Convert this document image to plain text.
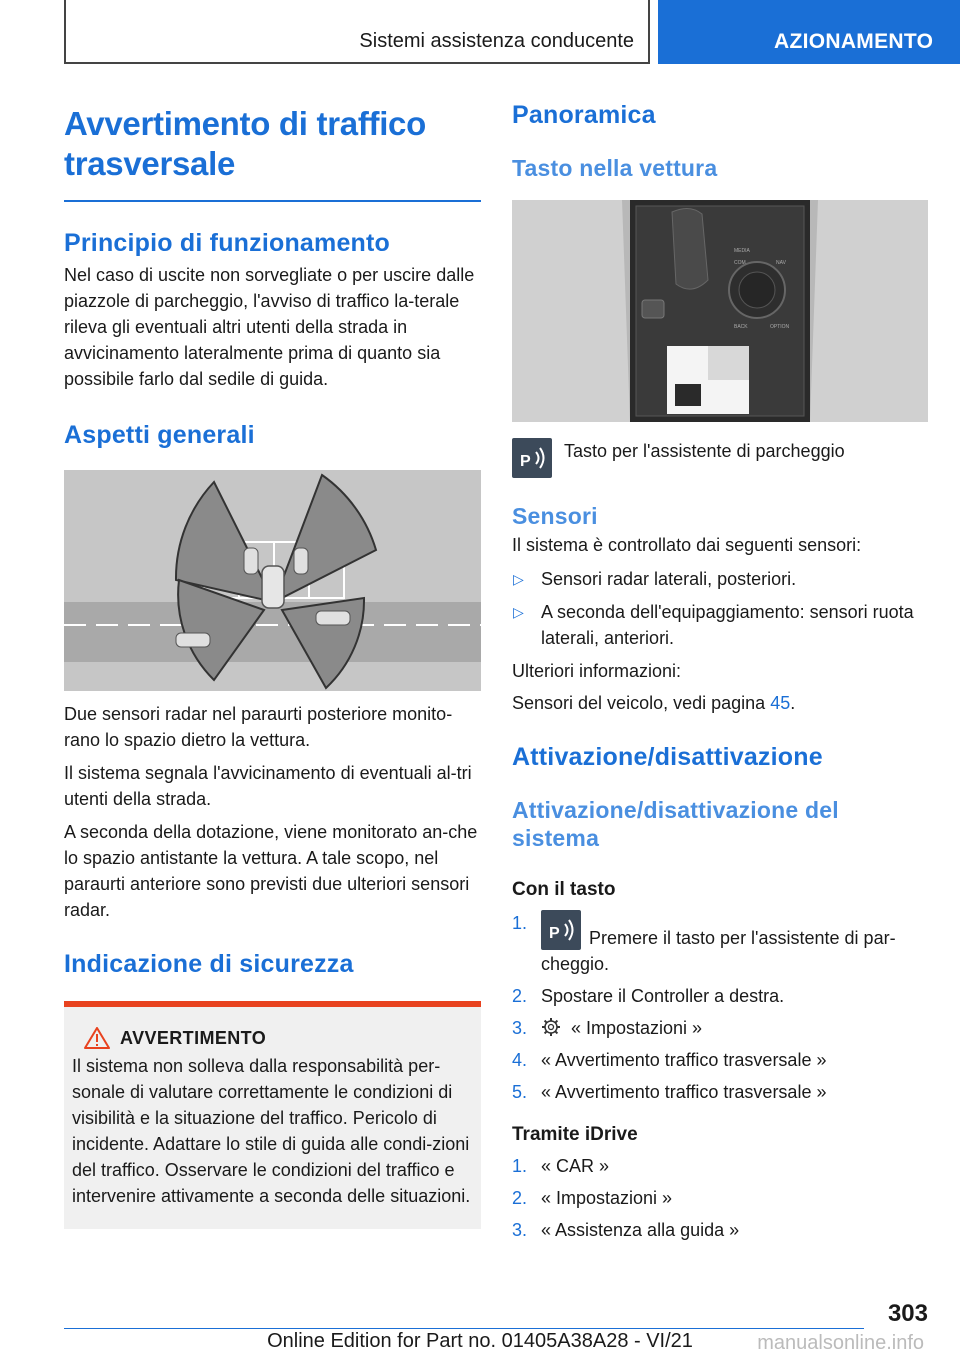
Sistemi assistenza conducente	AZIONAMENTO
Avvertimento di traffico trasversale
Principio di funzionamento

Nel caso di uscite non sorvegliate o per uscire dalle piazzole di parcheggio, l'avviso di traffico la-terale rileva gli eventuali altri utenti della strada in avvicinamento lateralmente prima di quanto sia possibile farlo dal sedile di guida.

Aspetti generali

Due sensori radar nel paraurti posteriore monito-rano lo spazio dietro la vettura.

Il sistema segnala l'avvicinamento di eventuali al-tri utenti della strada.

A seconda della dotazione, viene monitorato an-che lo spazio antistante la vettura. A tale scopo, nel paraurti anteriore sono previsti due ulteriori sensori radar.

Indicazione di sicurezza
AVVERTIMENTO

Il sistema non solleva dalla responsabilità per-sonale di valutare correttamente le condizioni di visibilità e la situazione del traffico. Pericolo di incidente. Adattare lo stile di guida alle condi-zioni del traffico. Osservare le condizioni del traffico e intervenire attivamente a seconda delle situazioni.

Panoramica
Tasto nella vettura
MEDIA
COM	NAV
BACK	OPTION
P

Tasto per l'assistente di parcheggio

Sensori

Il sistema è controllato dai seguenti sensori:

▷ Sensori radar laterali, posteriori.
▷ A seconda dell'equipaggiamento: sensori ruota laterali, anteriori.

Ulteriori informazioni:

Sensori del veicolo, vedi pagina 45.

Attivazione/disattivazione
Attivazione/disattivazione del sistema
Con il tasto
1.
P Premere il tasto per l'assistente di par-cheggio.
2. Spostare il Controller a destra.
3.	« Impostazioni »
4. « Avvertimento traffico trasversale »
5. « Avvertimento traffico trasversale »
Tramite iDrive
1. « CAR »
2. « Impostazioni »
3. « Assistenza alla guida »
303
Online Edition for Part no. 01405A38A28 - VI/21	manualsonline.info
